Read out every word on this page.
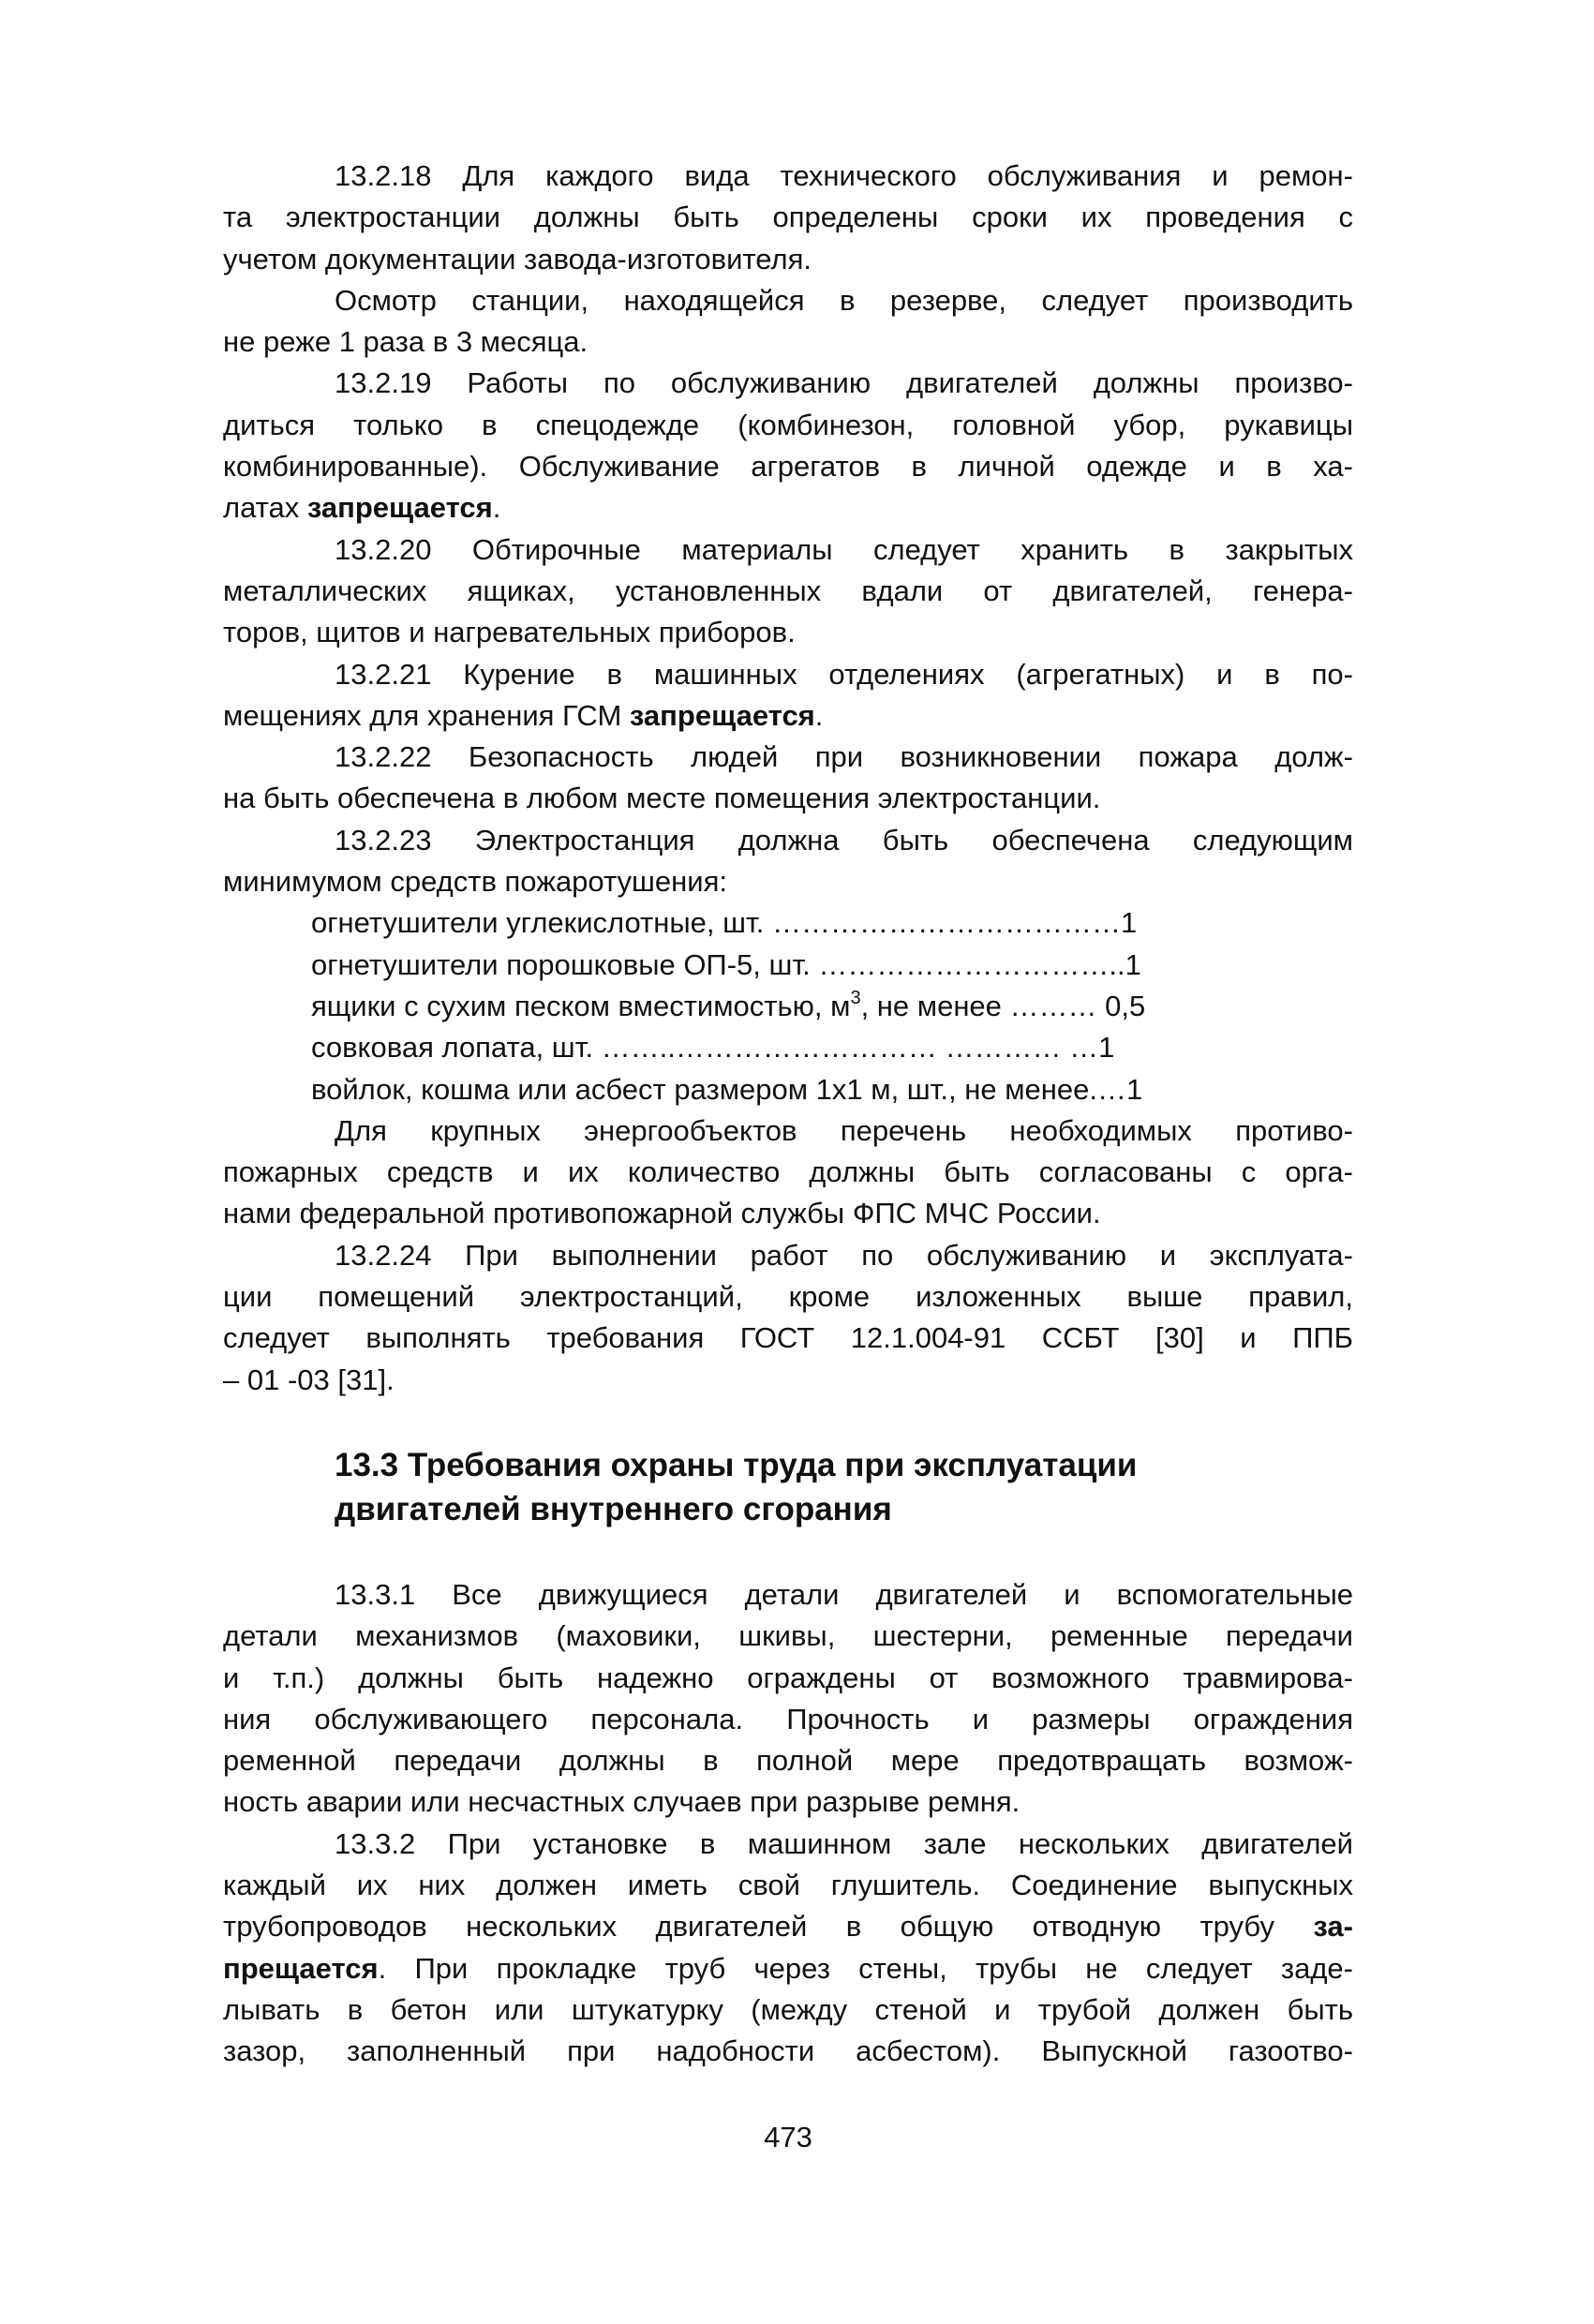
13.2.18 Для каждого вида технического обслуживания и ремон-
та электростанции должны быть определены сроки их проведения с
учетом документации завода-изготовителя.
Осмотр станции, находящейся в резерве, следует производить
не реже 1 раза в 3 месяца.
13.2.19 Работы по обслуживанию двигателей должны произво-
диться только в спецодежде (комбинезон, головной убор, рукавицы
комбинированные). Обслуживание агрегатов в личной одежде и в ха-
латах запрещается.
13.2.20 Обтирочные материалы следует хранить в закрытых
металлических ящиках, установленных вдали от двигателей, генера-
торов, щитов и нагревательных приборов.
13.2.21 Курение в машинных отделениях (агрегатных) и в по-
мещениях для хранения ГСМ запрещается.
13.2.22 Безопасность людей при возникновении пожара долж-
на быть обеспечена в любом месте помещения электростанции.
13.2.23 Электростанция должна быть обеспечена следующим
минимумом средств пожаротушения:
огнетушители углекислотные, шт. ………………………………1
огнетушители порошковые ОП-5, шт. …………………………..1
ящики с сухим песком вместимостью, $м^3$, не менее ……… 0,5
совковая лопата, шт. ……..……………………… ………… …1
войлок, кошма или асбест размером 1х1 м, шт., не менее.…1
Для крупных энергообъектов перечень необходимых противо-
пожарных средств и их количество должны быть согласованы с орга-
нами федеральной противопожарной службы ФПС МЧС России.
13.2.24 При выполнении работ по обслуживанию и эксплуата-
ции помещений электростанций, кроме изложенных выше правил,
следует выполнять требования ГОСТ 12.1.004-91 ССБТ [30] и ППБ
– 01 -03 [31].
13.3 Требования охраны труда при эксплуатации
двигателей внутреннего сгорания
13.3.1 Все движущиеся детали двигателей и вспомогательные
детали механизмов (маховики, шкивы, шестерни, ременные передачи
и т.п.) должны быть надежно ограждены от возможного травмирова-
ния обслуживающего персонала. Прочность и размеры ограждения
ременной передачи должны в полной мере предотвращать возмож-
ность аварии или несчастных случаев при разрыве ремня.
13.3.2 При установке в машинном зале нескольких двигателей
каждый их них должен иметь свой глушитель. Соединение выпускных
трубопроводов нескольких двигателей в общую отводную трубу за-
прещается. При прокладке труб через стены, трубы не следует заде-
лывать в бетон или штукатурку (между стеной и трубой должен быть
зазор, заполненный при надобности асбестом). Выпускной газоотво-
473
